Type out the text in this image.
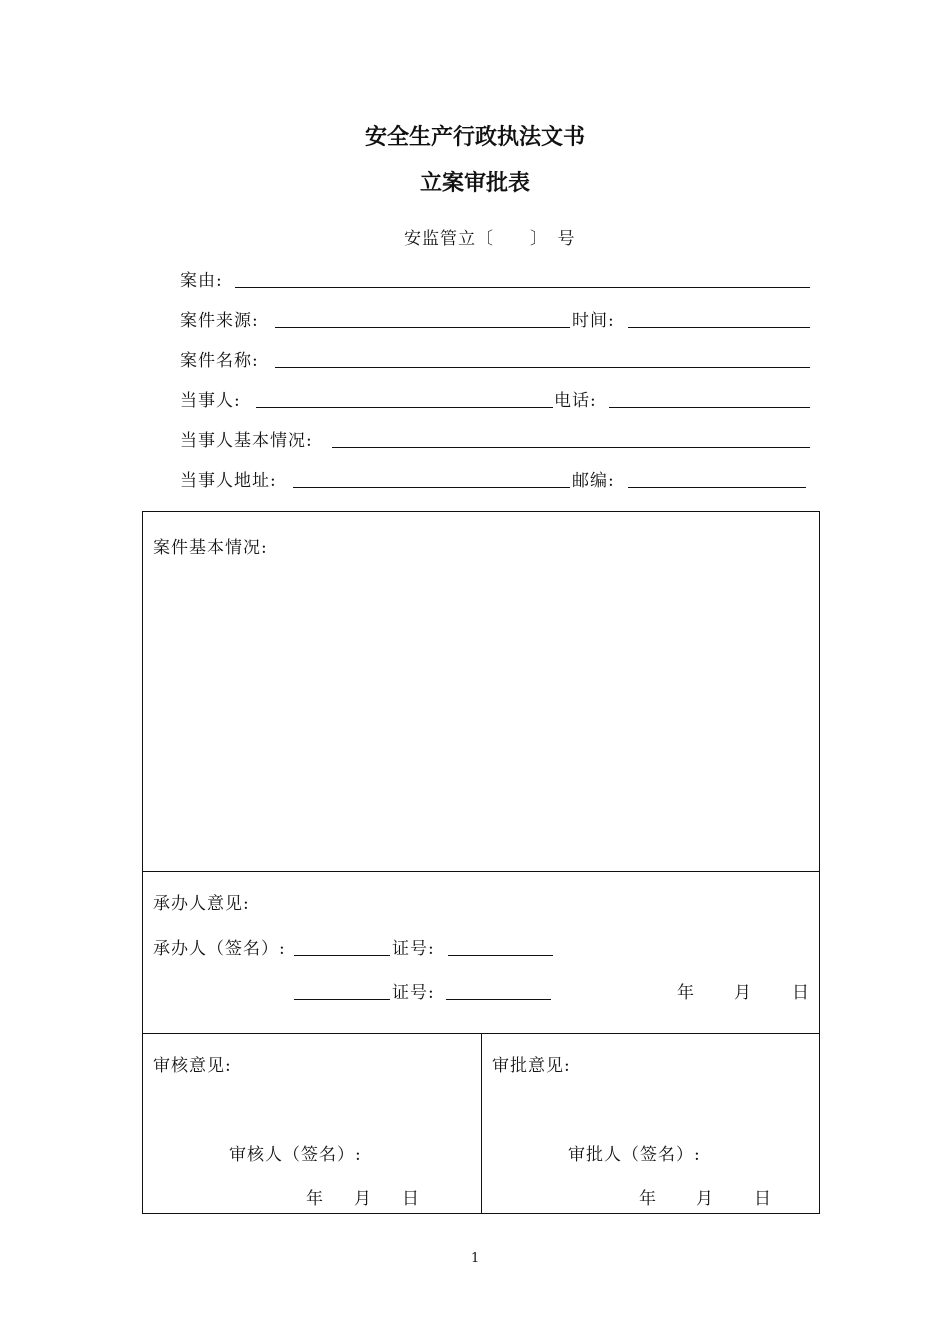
安全生产行政执法文书
立案审批表
安监管立〔　　〕　号
案由:
案件来源:	时间:
案件名称:
当事人:	电话:
当事人基本情况:
当事人地址:	邮编:
案件基本情况:
承办人意见:
承办人（签名）:	证号:
证号:	年 月 日
审核意见:
审核人（签名）:
年 月 日
审批意见:
审批人（签名）:
年 月 日
1
